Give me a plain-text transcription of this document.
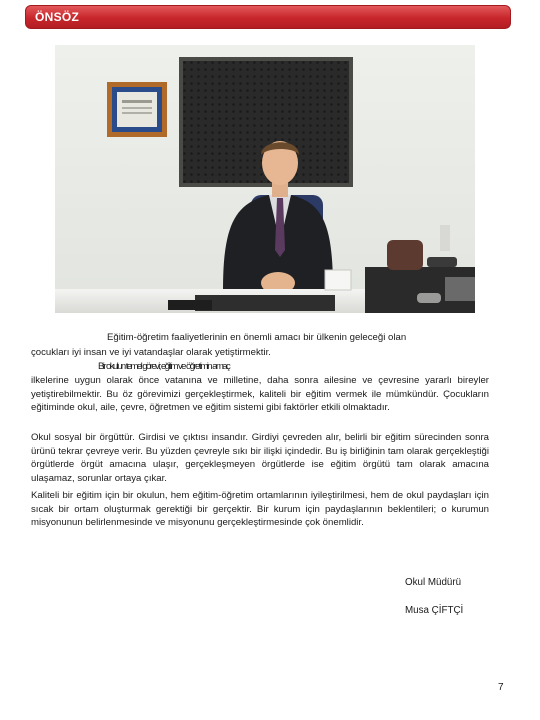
ÖNSÖZ
Eğitim-öğretim faaliyetlerinin en önemli amacı bir ülkenin geleceği olan
çocukları iyi insan ve iyi vatandaşlar olarak yetiştirmektir.
Bir okulun temel görevi; eğitim ve öğretimin amaç
ilkelerine uygun olarak önce vatanına ve milletine, daha sonra ailesine ve çevresine yararlı bireyler yetiştirebilmektir. Bu öz görevimizi gerçekleştirmek, kaliteli bir eğitim vermek ile mümkündür. Çocukların eğitiminde okul, aile, çevre, öğretmen ve eğitim sistemi gibi faktörler etkili olmaktadır.
Okul sosyal bir örgüttür. Girdisi ve çıktısı insandır. Girdiyi çevreden alır, belirli bir eğitim sürecinden sonra ürünü tekrar çevreye verir. Bu yüzden çevreyle sıkı bir ilişki içindedir. Bu iş birliğinin tam olarak gerçekleştiği örgütlerde örgüt amacına ulaşır, gerçekleşmeyen örgütlerde ise eğitim örgütü tam olarak amacına ulaşamaz, sorunlar ortaya çıkar.
Kaliteli bir eğitim için bir okulun, hem eğitim-öğretim ortamlarının iyileştirilmesi, hem de okul paydaşları için sıcak bir ortam oluşturmak gerektiği bir gerçektir. Bir kurum için paydaşlarının beklentileri; o kurumun misyonunun belirlenmesinde ve misyonunu gerçekleştirmesinde çok önemlidir.
Okul Müdürü
Musa ÇİFTÇİ
7
